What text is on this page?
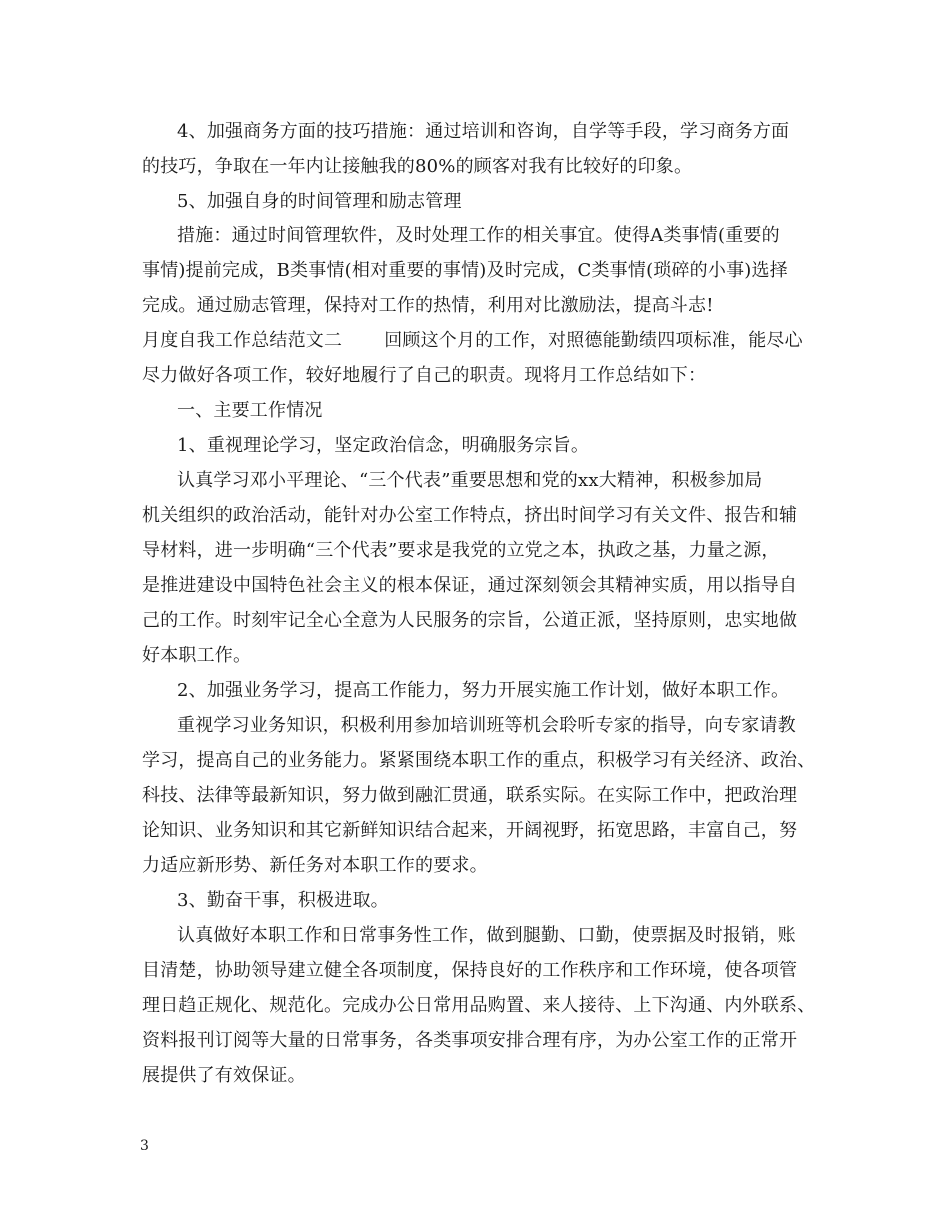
4、加强商务方面的技巧措施：通过培训和咨询，自学等手段，学习商务方面
的技巧，争取在一年内让接触我的80%的顾客对我有比较好的印象。
5、加强自身的时间管理和励志管理
措施：通过时间管理软件，及时处理工作的相关事宜。使得A类事情(重要的
事情)提前完成，B类事情(相对重要的事情)及时完成，C类事情(琐碎的小事)选择
完成。通过励志管理，保持对工作的热情，利用对比激励法，提高斗志!
月度自我工作总结范文二 回顾这个月的工作，对照德能勤绩四项标准，能尽心
尽力做好各项工作，较好地履行了自己的职责。现将月工作总结如下：
一、主要工作情况
1、重视理论学习，坚定政治信念，明确服务宗旨。
认真学习邓小平理论、“三个代表”重要思想和党的xx大精神，积极参加局
机关组织的政治活动，能针对办公室工作特点，挤出时间学习有关文件、报告和辅
导材料，进一步明确“三个代表”要求是我党的立党之本，执政之基，力量之源，
是推进建设中国特色社会主义的根本保证，通过深刻领会其精神实质，用以指导自
己的工作。时刻牢记全心全意为人民服务的宗旨，公道正派，坚持原则，忠实地做
好本职工作。
2、加强业务学习，提高工作能力，努力开展实施工作计划，做好本职工作。
重视学习业务知识，积极利用参加培训班等机会聆听专家的指导，向专家请教
学习，提高自己的业务能力。紧紧围绕本职工作的重点，积极学习有关经济、政治、
科技、法律等最新知识，努力做到融汇贯通，联系实际。在实际工作中，把政治理
论知识、业务知识和其它新鲜知识结合起来，开阔视野，拓宽思路，丰富自己，努
力适应新形势、新任务对本职工作的要求。
3、勤奋干事，积极进取。
认真做好本职工作和日常事务性工作，做到腿勤、口勤，使票据及时报销，账
目清楚，协助领导建立健全各项制度，保持良好的工作秩序和工作环境，使各项管
理日趋正规化、规范化。完成办公日常用品购置、来人接待、上下沟通、内外联系、
资料报刊订阅等大量的日常事务，各类事项安排合理有序，为办公室工作的正常开
展提供了有效保证。
3
